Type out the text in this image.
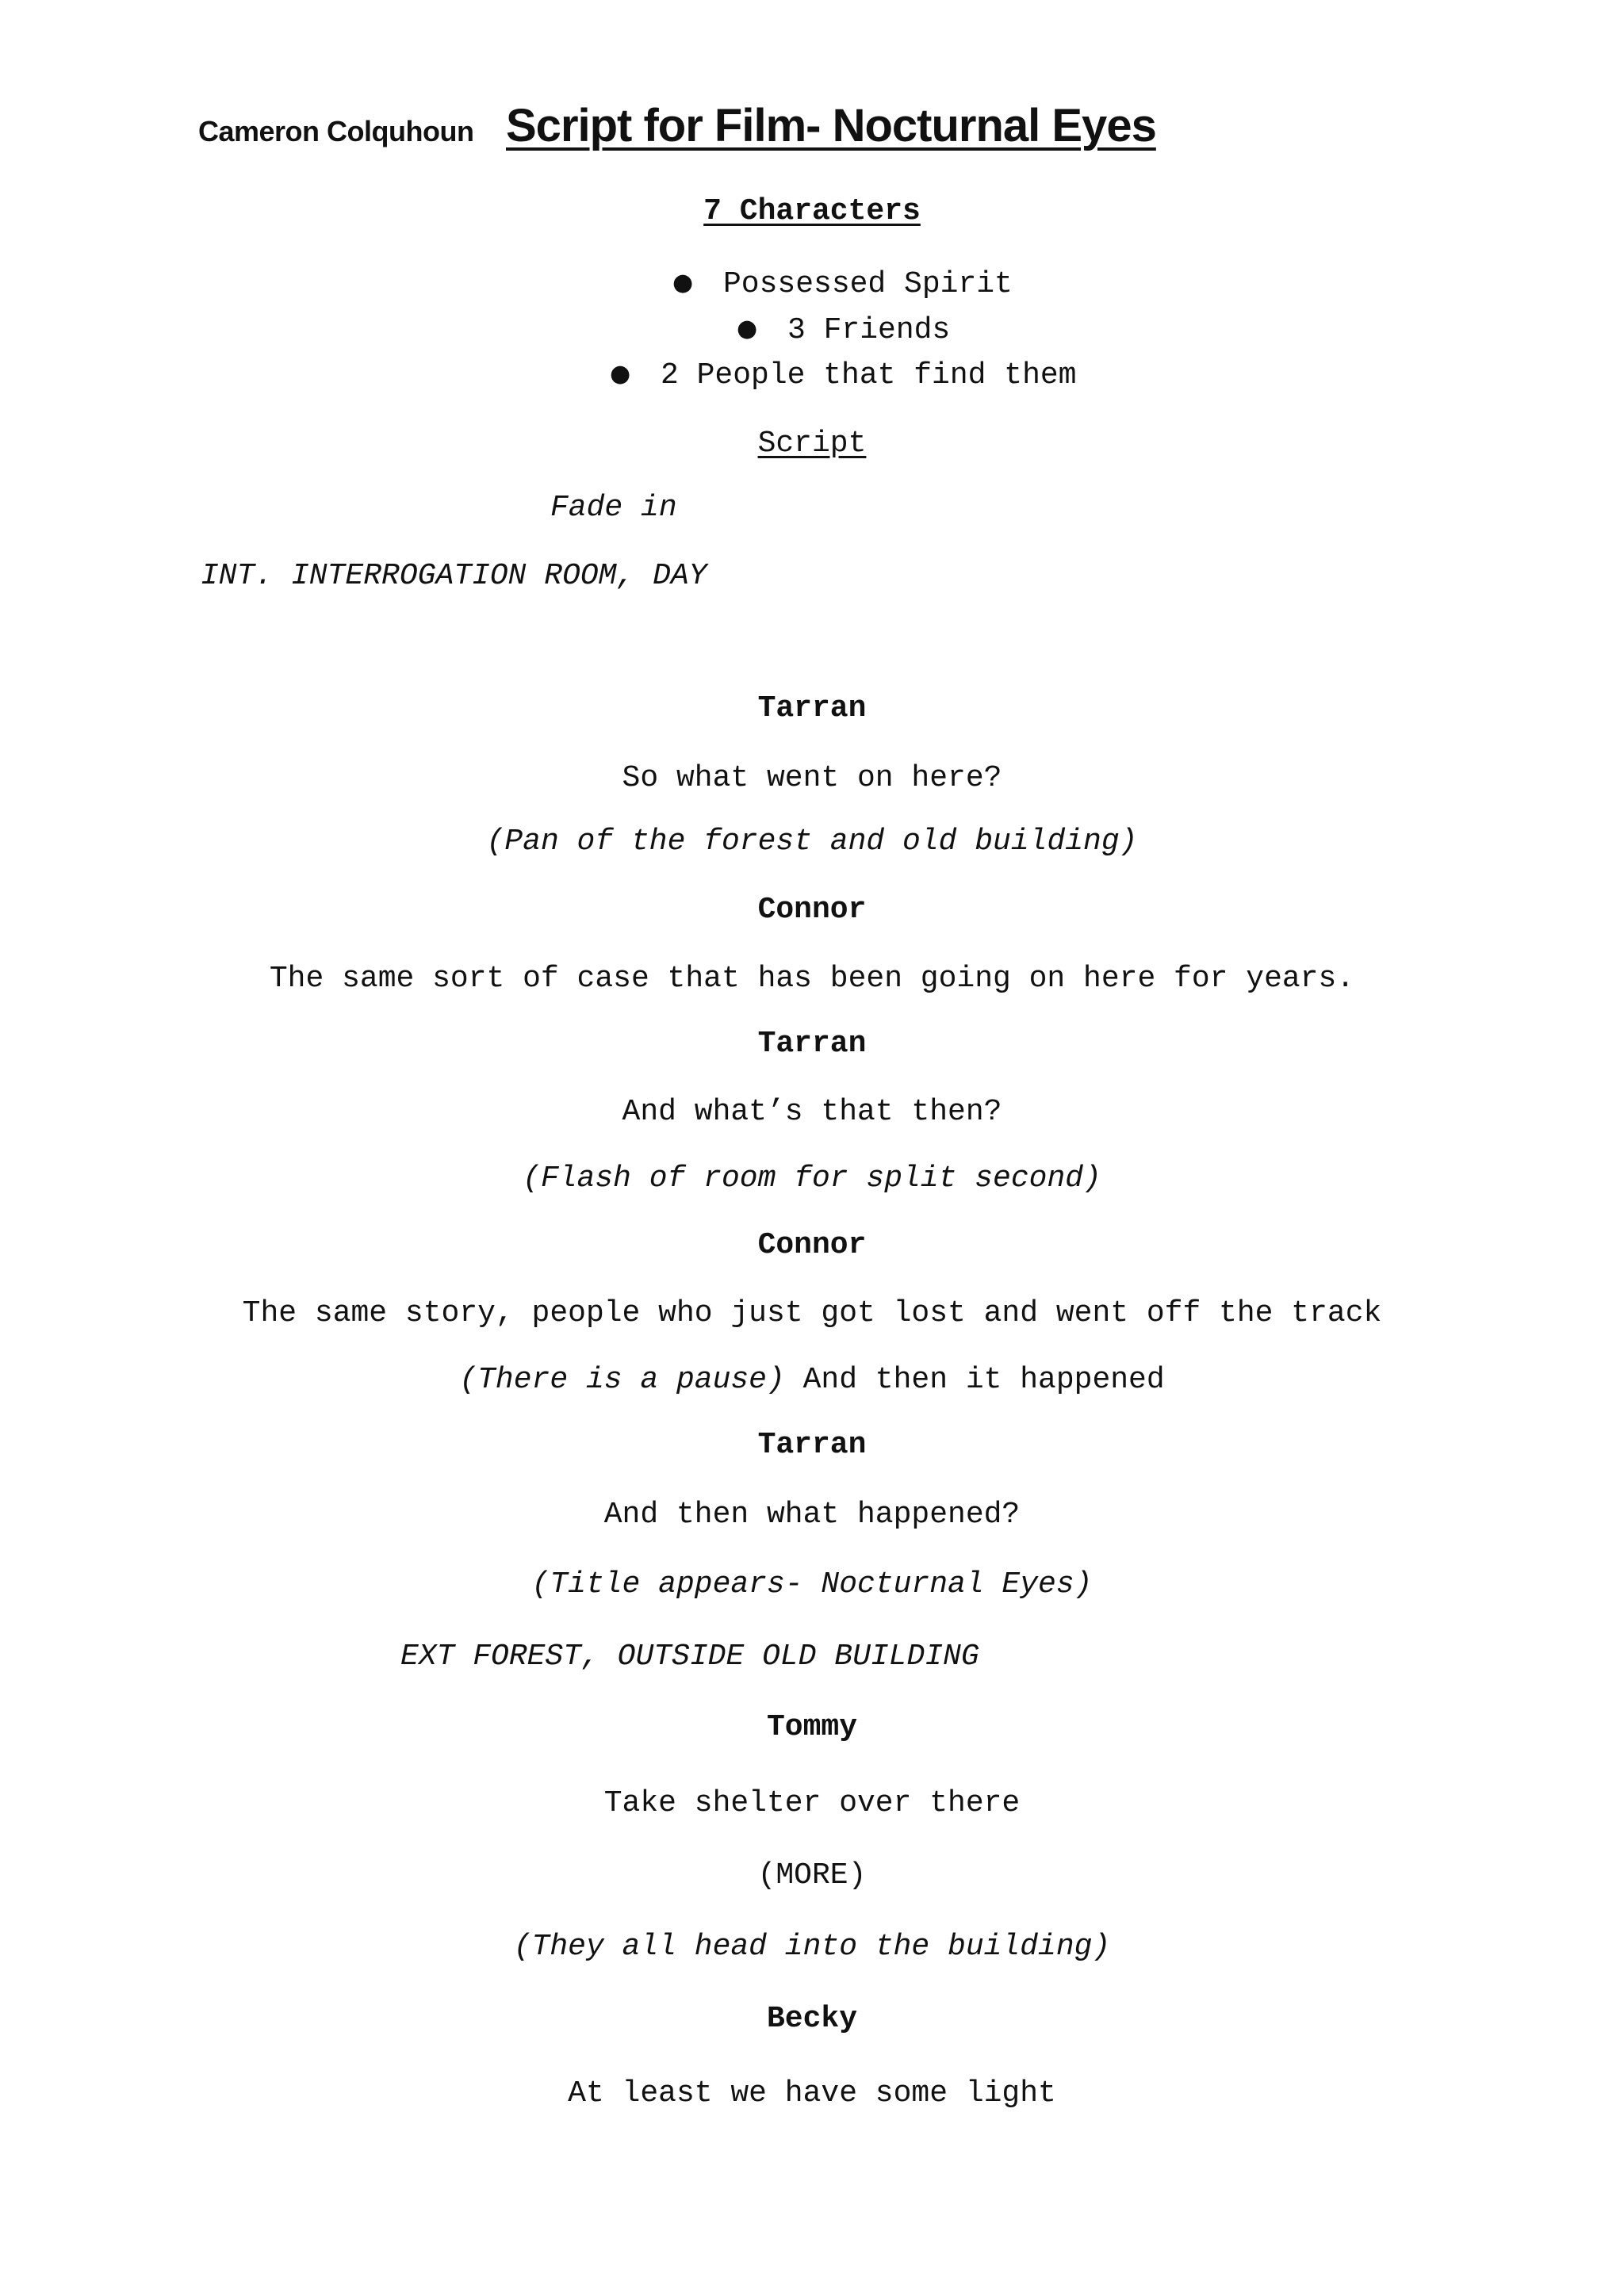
Cameron Colquhoun Script for Film- Nocturnal Eyes
7 Characters
● Possessed Spirit
● 3 Friends
● 2 People that find them
Script
Fade in
INT. INTERROGATION ROOM, DAY
Tarran
So what went on here?
(Pan of the forest and old building)
Connor
The same sort of case that has been going on here for years.
Tarran
And what’s that then?
(Flash of room for split second)
Connor
The same story, people who just got lost and went off the track
(There is a pause) And then it happened
Tarran
And then what happened?
(Title appears- Nocturnal Eyes)
EXT FOREST, OUTSIDE OLD BUILDING
Tommy
Take shelter over there
(MORE)
(They all head into the building)
Becky
At least we have some light
